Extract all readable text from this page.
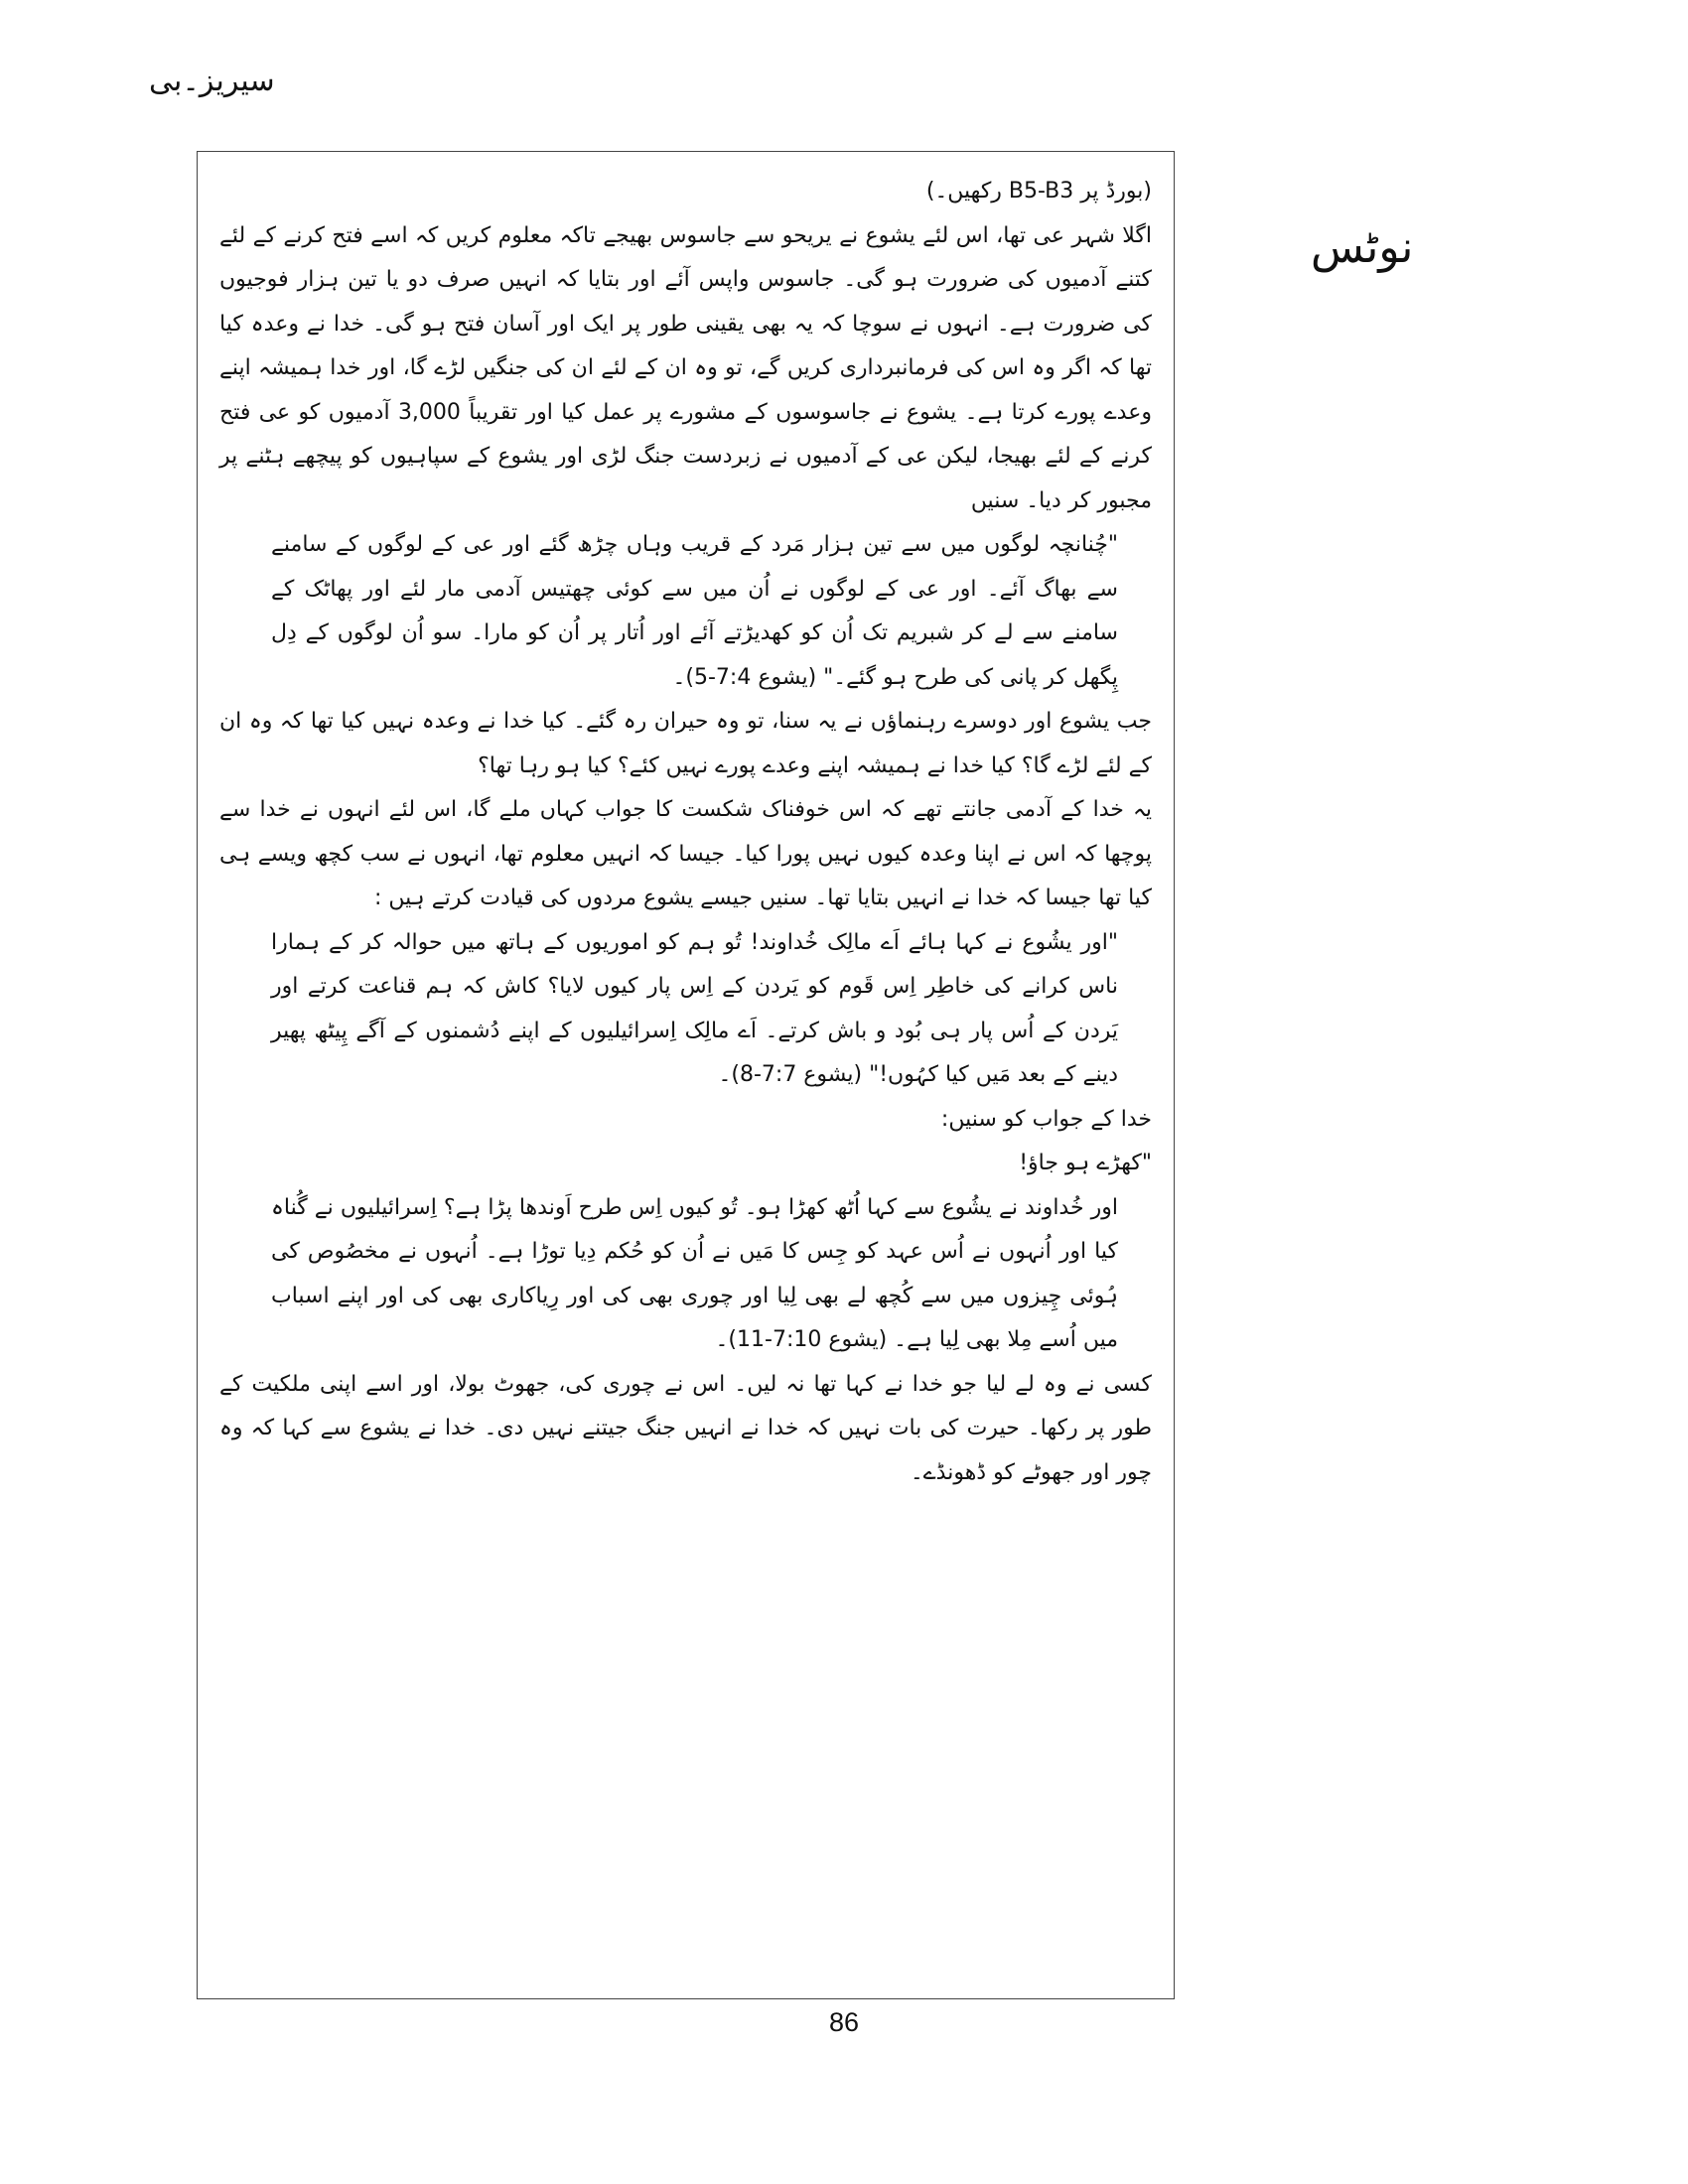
سیریز۔بی
نوٹس

(بورڈ پر B5-B3 رکھیں۔)

اگلا شہر عی تھا، اس لئے یشوع نے یریحو سے جاسوس بھیجے تاکہ معلوم کریں کہ اسے فتح کرنے کے لئے کتنے آدمیوں کی ضرورت ہو گی۔ جاسوس واپس آئے اور بتایا کہ انہیں صرف دو یا تین ہزار فوجیوں کی ضرورت ہے۔ انہوں نے سوچا کہ یہ بھی یقینی طور پر ایک اور آسان فتح ہو گی۔ خدا نے وعدہ کیا تھا کہ اگر وہ اس کی فرمانبرداری کریں گے، تو وہ ان کے لئے ان کی جنگیں لڑے گا، اور خدا ہمیشہ اپنے وعدے پورے کرتا ہے۔ یشوع نے جاسوسوں کے مشورے پر عمل کیا اور تقریباً 3,000 آدمیوں کو عی فتح کرنے کے لئے بھیجا، لیکن عی کے آدمیوں نے زبردست جنگ لڑی اور یشوع کے سپاہیوں کو پیچھے ہٹنے پر مجبور کر دیا۔ سنیں

"چُنانچہ لوگوں میں سے تین ہزار مَرد کے قریب وہاں چڑھ گئے اور عی کے لوگوں کے سامنے سے بھاگ آئے۔ اور عی کے لوگوں نے اُن میں سے کوئی چھتیس آدمی مار لئے اور پھاٹک کے سامنے سے لے کر شبریم تک اُن کو کھدیڑتے آئے اور اُتار پر اُن کو مارا۔ سو اُن لوگوں کے دِل پِگھل کر پانی کی طرح ہو گئے۔" (یشوع 7:4-5)۔

جب یشوع اور دوسرے رہنماؤں نے یہ سنا، تو وہ حیران رہ گئے۔ کیا خدا نے وعدہ نہیں کیا تھا کہ وہ ان کے لئے لڑے گا؟ کیا خدا نے ہمیشہ اپنے وعدے پورے نہیں کئے؟ کیا ہو رہا تھا؟

یہ خدا کے آدمی جانتے تھے کہ اس خوفناک شکست کا جواب کہاں ملے گا، اس لئے انہوں نے خدا سے پوچھا کہ اس نے اپنا وعدہ کیوں نہیں پورا کیا۔ جیسا کہ انہیں معلوم تھا، انہوں نے سب کچھ ویسے ہی کیا تھا جیسا کہ خدا نے انہیں بتایا تھا۔ سنیں جیسے یشوع مردوں کی قیادت کرتے ہیں :

"اور یشُوع نے کہا ہائے اَے مالِک خُداوند! تُو ہم کو اموریوں کے ہاتھ میں حوالہ کر کے ہمارا ناس کرانے کی خاطِر اِس قَوم کو یَردن کے اِس پار کیوں لایا؟ کاش کہ ہم قناعت کرتے اور یَردن کے اُس پار ہی بُود و باش کرتے۔ اَے مالِک اِسرائیلیوں کے اپنے دُشمنوں کے آگے پِیٹھ پھیر دینے کے بعد مَیں کیا کہُوں!" (یشوع 7:7-8)۔

خدا کے جواب کو سنیں:

"کھڑے ہو جاؤ!

اور خُداوند نے یشُوع سے کہا اُٹھ کھڑا ہو۔ تُو کیوں اِس طرح اَوندھا پڑا ہے؟ اِسرائیلیوں نے گُناہ کیا اور اُنہوں نے اُس عہد کو جِس کا مَیں نے اُن کو حُکم دِیا توڑا ہے۔ اُنہوں نے مخصُوص کی ہُوئی چِیزوں میں سے کُچھ لے بھی لِیا اور چوری بھی کی اور رِیاکاری بھی کی اور اپنے اسباب میں اُسے مِلا بھی لِیا ہے۔ (یشوع 7:10-11)۔

کسی نے وہ لے لیا جو خدا نے کہا تھا نہ لیں۔ اس نے چوری کی، جھوٹ بولا، اور اسے اپنی ملکیت کے طور پر رکھا۔ حیرت کی بات نہیں کہ خدا نے انہیں جنگ جیتنے نہیں دی۔ خدا نے یشوع سے کہا کہ وہ چور اور جھوٹے کو ڈھونڈے۔

86
